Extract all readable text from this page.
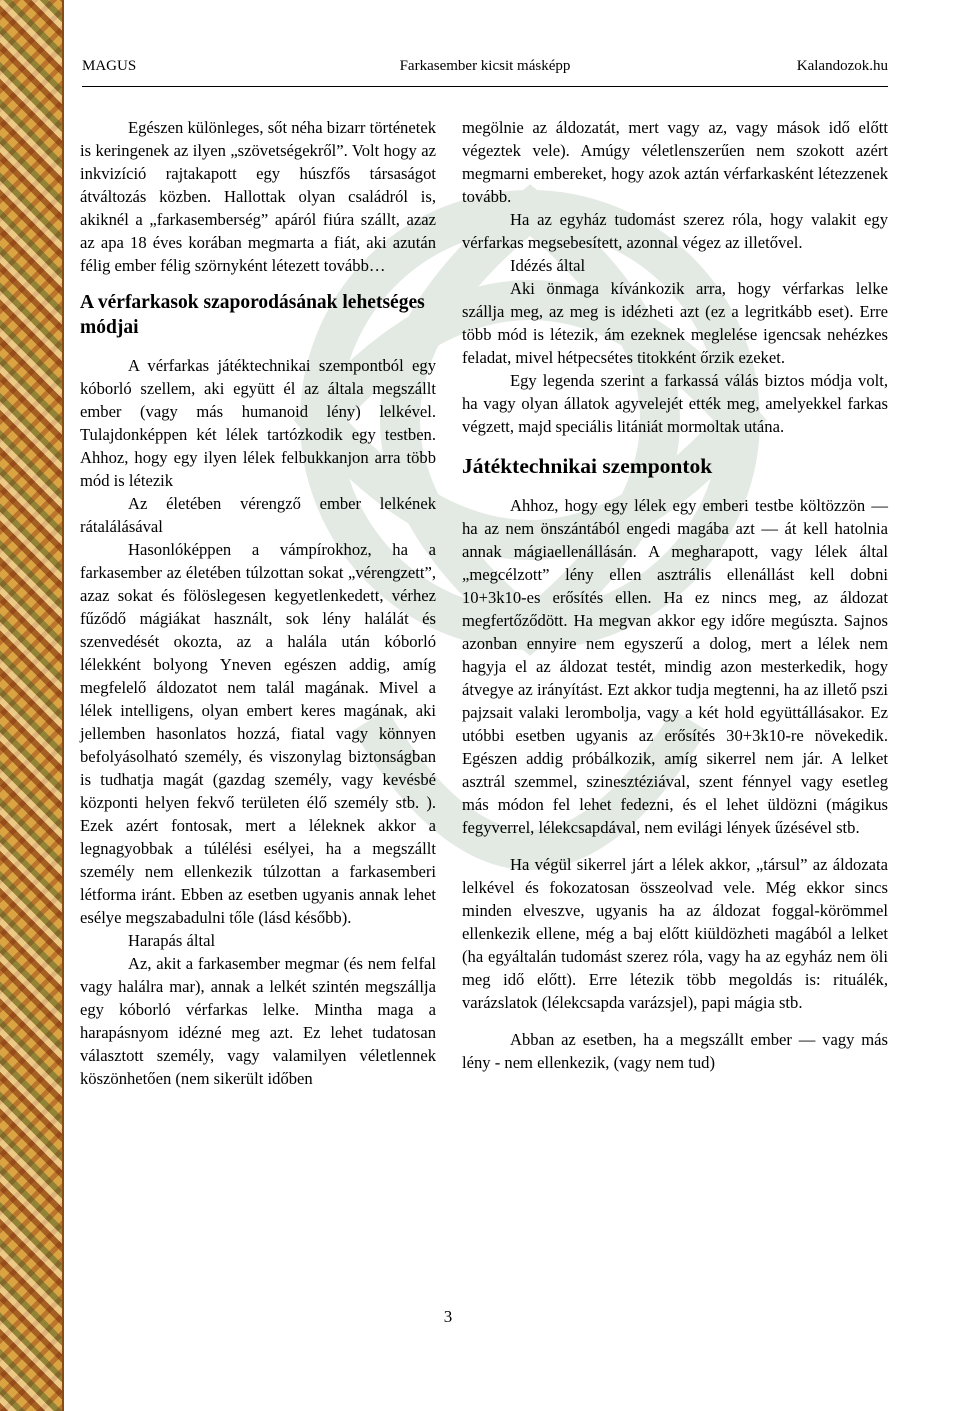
MAGUS	Farkasember kicsit másképp	Kalandozok.hu

Egészen különleges, sőt néha bizarr történetek is keringenek az ilyen „szövetségekről”. Volt hogy az inkvizíció rajtakapott egy húszfős társaságot átváltozás közben. Hallottak olyan családról is, akiknél a „farkasemberség” apáról fiúra szállt, azaz az apa 18 éves korában megmarta a fiát, aki azután félig ember félig szörnyként létezett tovább…

A vérfarkasok szaporodásának lehetséges módjai

A vérfarkas játéktechnikai szempontból egy kóborló szellem, aki együtt él az általa megszállt ember (vagy más humanoid lény) lelkével. Tulajdonképpen két lélek tartózkodik egy testben. Ahhoz, hogy egy ilyen lélek felbukkanjon arra több mód is létezik

Az életében vérengző ember lelkének rátalálásával

Hasonlóképpen a vámpírokhoz, ha a farkasember az életében túlzottan sokat „vérengzett”, azaz sokat és fölöslegesen kegyetlenkedett, vérhez fűződő mágiákat használt, sok lény halálát és szenvedését okozta, az a halála után kóborló lélekként bolyong Yneven egészen addig, amíg megfelelő áldozatot nem talál magának. Mivel a lélek intelligens, olyan embert keres magának, aki jellemben hasonlatos hozzá, fiatal vagy könnyen befolyásolható személy, és viszonylag biztonságban is tudhatja magát (gazdag személy, vagy kevésbé központi helyen fekvő területen élő személy stb. ). Ezek azért fontosak, mert a léleknek akkor a legnagyobbak a túlélési esélyei, ha a megszállt személy nem ellenkezik túlzottan a farkasemberi létforma iránt. Ebben az esetben ugyanis annak lehet esélye megszabadulni tőle (lásd később).

Harapás által

Az, akit a farkasember megmar (és nem felfal vagy halálra mar), annak a lelkét szintén megszállja egy kóborló vérfarkas lelke. Mintha maga a harapásnyom idézné meg azt. Ez lehet tudatosan választott személy, vagy valamilyen véletlennek köszönhetően (nem sikerült időben

megölnie az áldozatát, mert vagy az, vagy mások idő előtt végeztek vele). Amúgy véletlenszerűen nem szokott azért megmarni embereket, hogy azok aztán vérfarkasként létezzenek tovább.

Ha az egyház tudomást szerez róla, hogy valakit egy vérfarkas megsebesített, azonnal végez az illetővel.

Idézés által

Aki önmaga kívánkozik arra, hogy vérfarkas lelke szállja meg, az meg is idézheti azt (ez a legritkább eset). Erre több mód is létezik, ám ezeknek meglelése igencsak nehézkes feladat, mivel hétpecsétes titokként őrzik ezeket.

Egy legenda szerint a farkassá válás biztos módja volt, ha vagy olyan állatok agyvelejét ették meg, amelyekkel farkas végzett, majd speciális litániát mormoltak utána.

Játéktechnikai szempontok

Ahhoz, hogy egy lélek egy emberi testbe költözzön — ha az nem önszántából engedi magába azt — át kell hatolnia annak mágiaellenállásán. A megharapott, vagy lélek által „megcélzott” lény ellen asztrális ellenállást kell dobni 10+3k10-es erősítés ellen. Ha ez nincs meg, az áldozat megfertőződött. Ha megvan akkor egy időre megúszta. Sajnos azonban ennyire nem egyszerű a dolog, mert a lélek nem hagyja el az áldozat testét, mindig azon mesterkedik, hogy átvegye az irányítást. Ezt akkor tudja megtenni, ha az illető pszi pajzsait valaki lerombolja, vagy a két hold együttállásakor. Ez utóbbi esetben ugyanis az erősítés 30+3k10-re növekedik. Egészen addig próbálkozik, amíg sikerrel nem jár. A lelket asztrál szemmel, szinesztéziával, szent fénnyel vagy esetleg más módon fel lehet fedezni, és el lehet üldözni (mágikus fegyverrel, lélekcsapdával, nem evilági lények űzésével stb.

Ha végül sikerrel járt a lélek akkor, „társul” az áldozata lelkével és fokozatosan összeolvad vele. Még ekkor sincs minden elveszve, ugyanis ha az áldozat foggal-körömmel ellenkezik ellene, még a baj előtt kiüldözheti magából a lelket (ha egyáltalán tudomást szerez róla, vagy ha az egyház nem öli meg idő előtt). Erre létezik több megoldás is: rituálék, varázslatok (lélekcsapda varázsjel), papi mágia stb.

Abban az esetben, ha a megszállt ember — vagy más lény - nem ellenkezik, (vagy nem tud)

3
